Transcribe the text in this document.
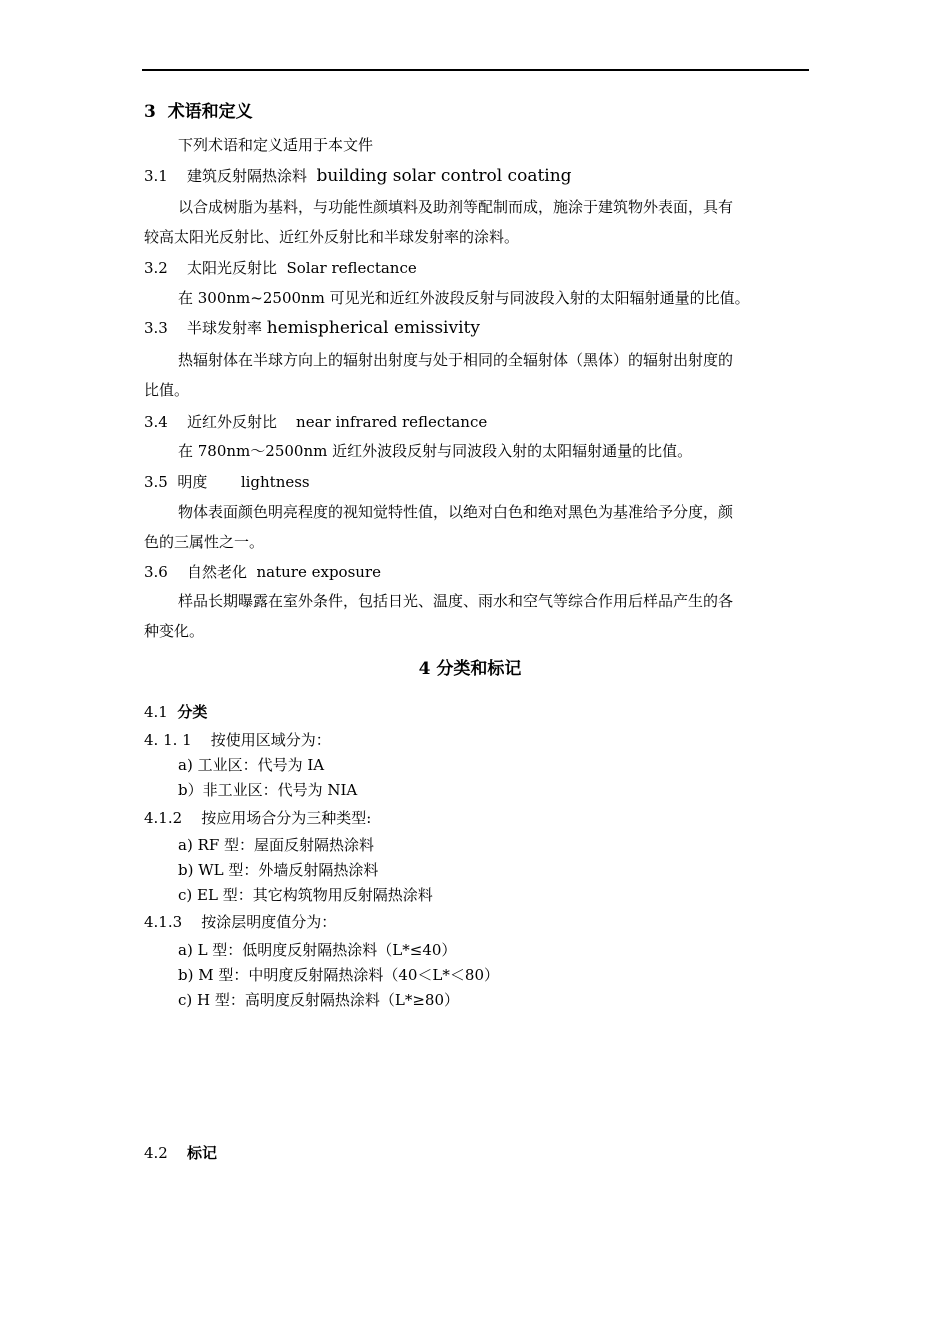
3 术语和定义
下列术语和定义适用于本文件
3.1 建筑反射隔热涂料 building solar control coating
以合成树脂为基料，与功能性颜填料及助剂等配制而成，施涂于建筑物外表面，具有
较高太阳光反射比、近红外反射比和半球发射率的涂料。
3.2 太阳光反射比 Solar reflectance
在 300nm~2500nm 可见光和近红外波段反射与同波段入射的太阳辐射通量的比值。
3.3 半球发射率 hemispherical emissivity
热辐射体在半球方向上的辐射出射度与处于相同的全辐射体（黑体）的辐射出射度的
比值。
3.4 近红外反射比 near infrared reflectance
在 780nm～2500nm 近红外波段反射与同波段入射的太阳辐射通量的比值。
3.5 明度 lightness
物体表面颜色明亮程度的视知觉特性值，以绝对白色和绝对黑色为基准给予分度，颜
色的三属性之一。
3.6 自然老化 nature exposure
样品长期曝露在室外条件，包括日光、温度、雨水和空气等综合作用后样品产生的各
种变化。
4 分类和标记
4.1 分类
4. 1. 1 按使用区域分为：
a) 工业区：代号为 IA
b）非工业区：代号为 NIA
4.1.2 按应用场合分为三种类型:
a) RF 型：屋面反射隔热涂料
b) WL 型：外墙反射隔热涂料
c) EL 型：其它构筑物用反射隔热涂料
4.1.3 按涂层明度值分为：
a) L 型：低明度反射隔热涂料（L*≤40）
b) M 型：中明度反射隔热涂料（40＜L*＜80）
c) H 型：高明度反射隔热涂料（L*≥80）
4.2 标记
